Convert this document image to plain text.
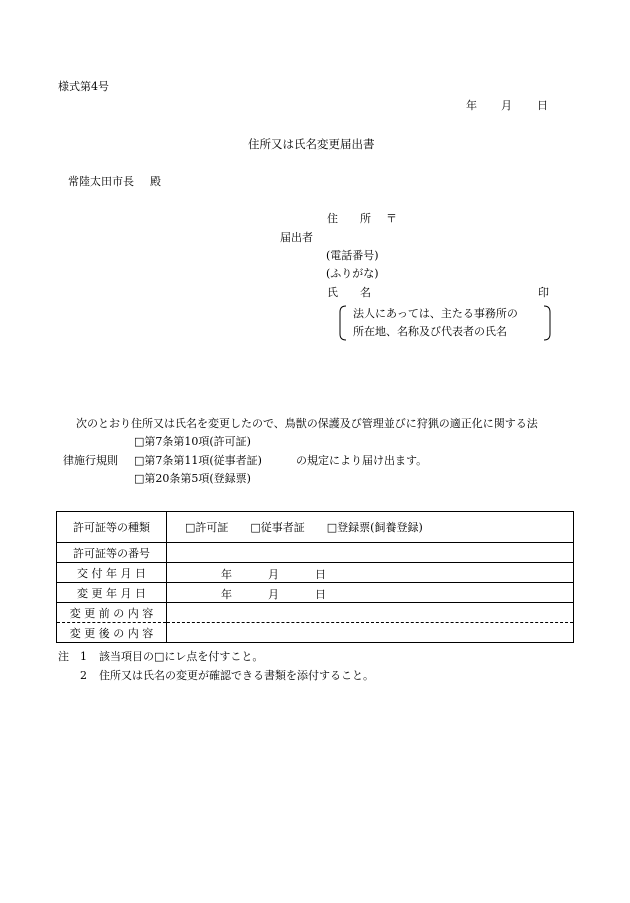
様式第4号
年 月 日
住所又は氏名変更届出書
常陸太田市長 殿
住　　所 〒
届出者
(電話番号)
(ふりがな)
氏　　名	印
法人にあっては、主たる事務所の
所在地、名称及び代表者の氏名
次のとおり住所又は氏名を変更したので、鳥獣の保護及び管理並びに狩猟の適正化に関する法
□第7条第10項(許可証)
律施行規則 □第7条第11項(従事者証)	の規定により届け出ます。
□第20条第5項(登録票)
許可証等の種類	□許可証　　□従事者証　　□登録票(飼養登録)
許可証等の番号	
交 付 年 月 日	年 月 日

変 更 年 月 日	年 月 日

変 更 前 の 内 容	
変 更 後 の 内 容	
注 1 該当項目の□にレ点を付すこと。
2 住所又は氏名の変更が確認できる書類を添付すること。
